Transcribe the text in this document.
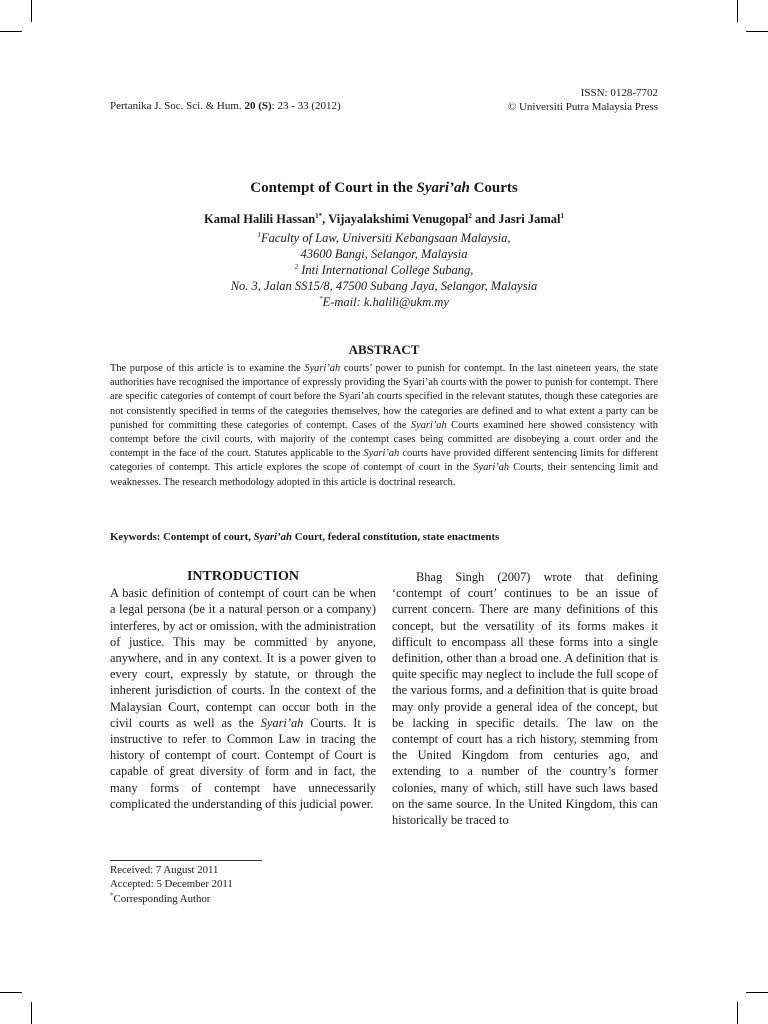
Pertanika J. Soc. Sci. & Hum. 20 (S): 23 - 33 (2012)
ISSN: 0128-7702
© Universiti Putra Malaysia Press
Contempt of Court in the Syari’ah Courts
Kamal Halili Hassan$^{1*}$, Vijayalakshimi Venugopal$^2$ and Jasri Jamal$^1$
$^1$Faculty of Law, Universiti Kebangsaan Malaysia,
43600 Bangi, Selangor, Malaysia
$^2$ Inti International College Subang,
No. 3, Jalan SS15/8, 47500 Subang Jaya, Selangor, Malaysia
*E-mail: k.halili@ukm.my
ABSTRACT
The purpose of this article is to examine the Syari’ah courts’ power to punish for contempt. In the last nineteen years, the state authorities have recognised the importance of expressly providing the Syari’ah courts with the power to punish for contempt. There are specific categories of contempt of court before the Syari’ah courts specified in the relevant statutes, though these categories are not consistently specified in terms of the categories themselves, how the categories are defined and to what extent a party can be punished for committing these categories of contempt. Cases of the Syari’ah Courts examined here showed consistency with contempt before the civil courts, with majority of the contempt cases being committed are disobeying a court order and the contempt in the face of the court. Statutes applicable to the Syari’ah courts have provided different sentencing limits for different categories of contempt. This article explores the scope of contempt of court in the Syari’ah Courts, their sentencing limit and weaknesses. The research methodology adopted in this article is doctrinal research.
Keywords: Contempt of court, Syari’ah Court, federal constitution, state enactments
INTRODUCTION

A basic definition of contempt of court can be when a legal persona (be it a natural person or a company) interferes, by act or omission, with the administration of justice. This may be committed by anyone, anywhere, and in any context. It is a power given to every court, expressly by statute, or through the inherent jurisdiction of courts. In the context of the Malaysian Court, contempt can occur both in the civil courts as well as the Syari’ah Courts. It is instructive to refer to Common Law in tracing the history of contempt of court. Contempt of Court is capable of great diversity of form and in fact, the many forms of contempt have unnecessarily complicated the understanding of this judicial power.

Bhag Singh (2007) wrote that defining ‘contempt of court’ continues to be an issue of current concern. There are many definitions of this concept, but the versatility of its forms makes it difficult to encompass all these forms into a single definition, other than a broad one. A definition that is quite specific may neglect to include the full scope of the various forms, and a definition that is quite broad may only provide a general idea of the concept, but be lacking in specific details. The law on the contempt of court has a rich history, stemming from the United Kingdom from centuries ago, and extending to a number of the country’s former colonies, many of which, still have such laws based on the same source. In the United Kingdom, this can historically be traced to

Received: 7 August 2011
Accepted: 5 December 2011
*Corresponding Author
